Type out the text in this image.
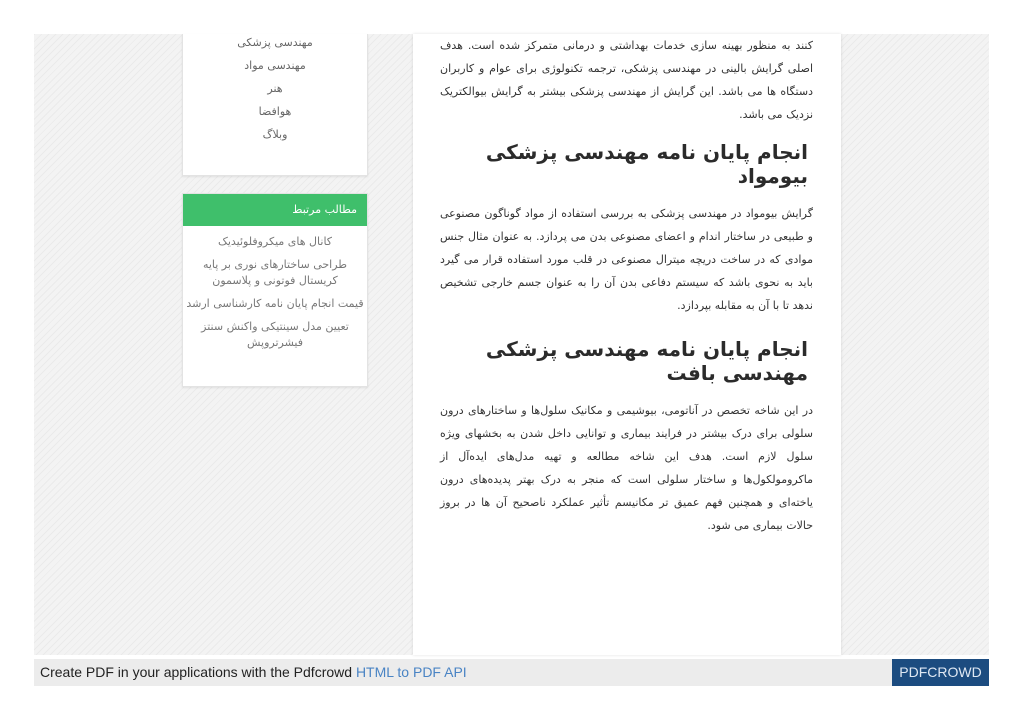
مهندسی پزشکی
مهندسی مواد
هنر
هوافضا
وبلاگ
مطالب مرتبط
کانال های میکروفلوئیدیک
طراحی ساختارهای نوری بر پایه کریستال فوتونی و پلاسمون
قیمت انجام پایان نامه کارشناسی ارشد
تعیین مدل سینتیکی واکنش سنتز فیشرتروپش

کنند به منظور بهینه سازی خدمات بهداشتی و درمانی متمرکز شده است. هدف اصلی گرایش بالینی در مهندسی پزشکی، ترجمه تکنولوژی برای عوام و کاربران دستگاه ها می باشد. این گرایش از مهندسی پزشکی بیشتر به گرایش بیوالکتریک نزدیک می باشد.

انجام پایان نامه مهندسی پزشکی بیومواد

گرایش بیومواد در مهندسی پزشکی به بررسی استفاده از مواد گوناگون مصنوعی و طبیعی در ساختار اندام و اعضای مصنوعی بدن می پردازد. به عنوان مثال جنس موادی که در ساخت دریچه میترال مصنوعی در قلب مورد استفاده قرار می گیرد باید به نحوی باشد که سیستم دفاعی بدن آن را به عنوان جسم خارجی تشخیص ندهد تا با آن به مقابله بپردازد.

انجام پایان نامه مهندسی پزشکی مهندسی بافت

در این شاخه تخصص در آناتومی، بیوشیمی و مکانیک سلول‌ها و ساختارهای درون سلولی برای درک بیشتر در فرایند بیماری و توانایی داخل شدن به بخشهای ویژه سلول لازم است. هدف این شاخه مطالعه و تهیه مدل‌های ایده‌آل از ماکرومولکول‌ها و ساختار سلولی است که منجر به درک بهتر پدیده‌های درون یاخته‌ای و همچنین فهم عمیق تر مکانیسم تأثیر عملکرد ناصحیح آن ها در بروز حالات بیماری می شود.

Create PDF in your applications with the Pdfcrowd HTML to PDF API	PDFCROWD
